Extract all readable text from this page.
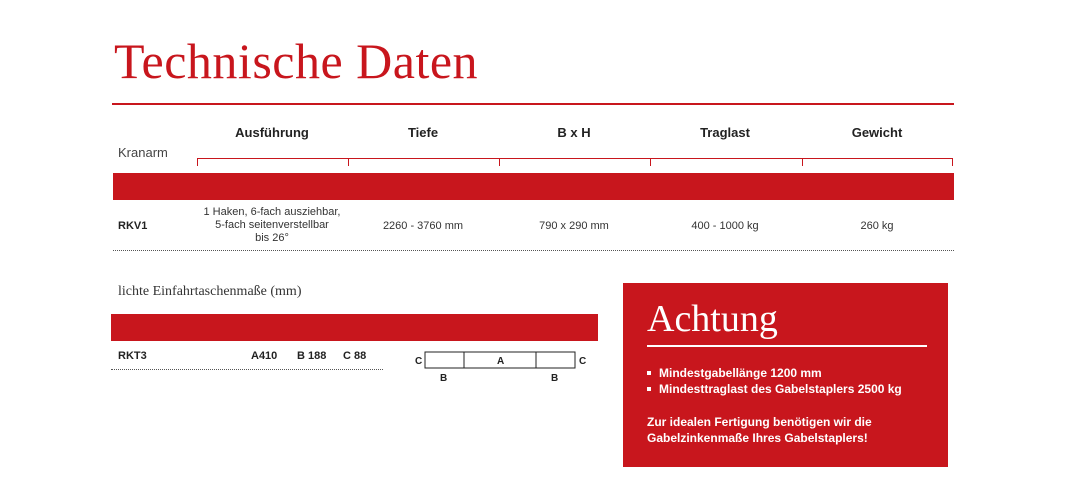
Technische Daten
Kranarm
Ausführung	Tiefe	B x H	Traglast	Gewicht
RKV1
1 Haken, 6-fach ausziehbar,
5-fach seitenverstellbar
bis 26°
2260 - 3760 mm	790 x 290 mm	400 - 1000 kg	260 kg
lichte Einfahrtaschenmaße (mm)
RKT3	A410 B 188 C 88	C	A	C
B	B
Achtung
Mindestgabellänge 1200 mm
Mindesttraglast des Gabelstaplers 2500 kg
Zur idealen Fertigung benötigen wir die Gabelzinkenmaße Ihres Gabelstaplers!
